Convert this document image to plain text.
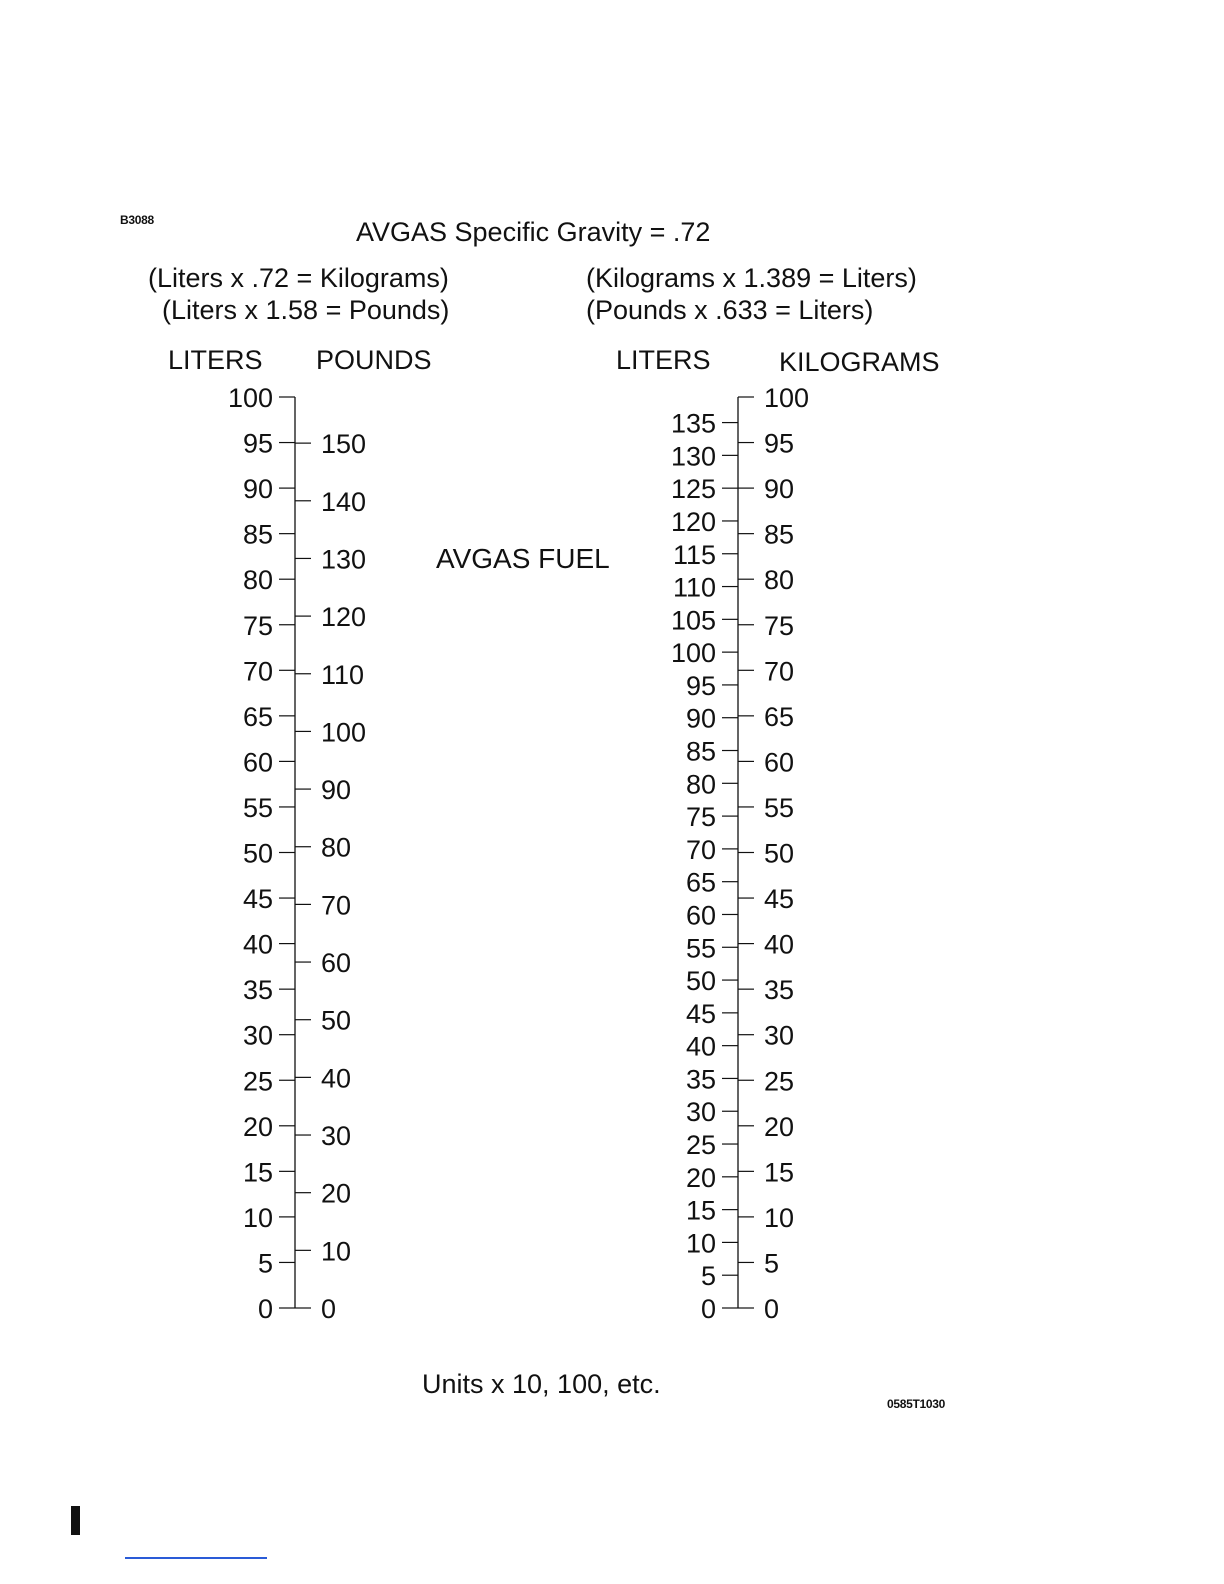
B3088	AVGAS Specific Gravity = .72
(Liters x .72 = Kilograms)
(Liters x 1.58 = Pounds)
(Kilograms x 1.389 = Liters)
(Pounds x .633 = Liters)
LITERS POUNDS	LITERS	KILOGRAMS
AVGAS FUEL
0
5
10
15
20
25
30
35
40
45
50
55
60
65
70
75
80
85
90
95
100
0
10
20
30
40
50
60
70
80
90
100
110
120
130
140
150
0
5
10
15
20
25
30
35
40
45
50
55
60
65
70
75
80
85
90
95
100
105
110
115
120
125
130
135
0
5
10
15
20
25
30
35
40
45
50
55
60
65
70
75
80
85
90
95
100
Units x 10, 100, etc.
0585T1030
